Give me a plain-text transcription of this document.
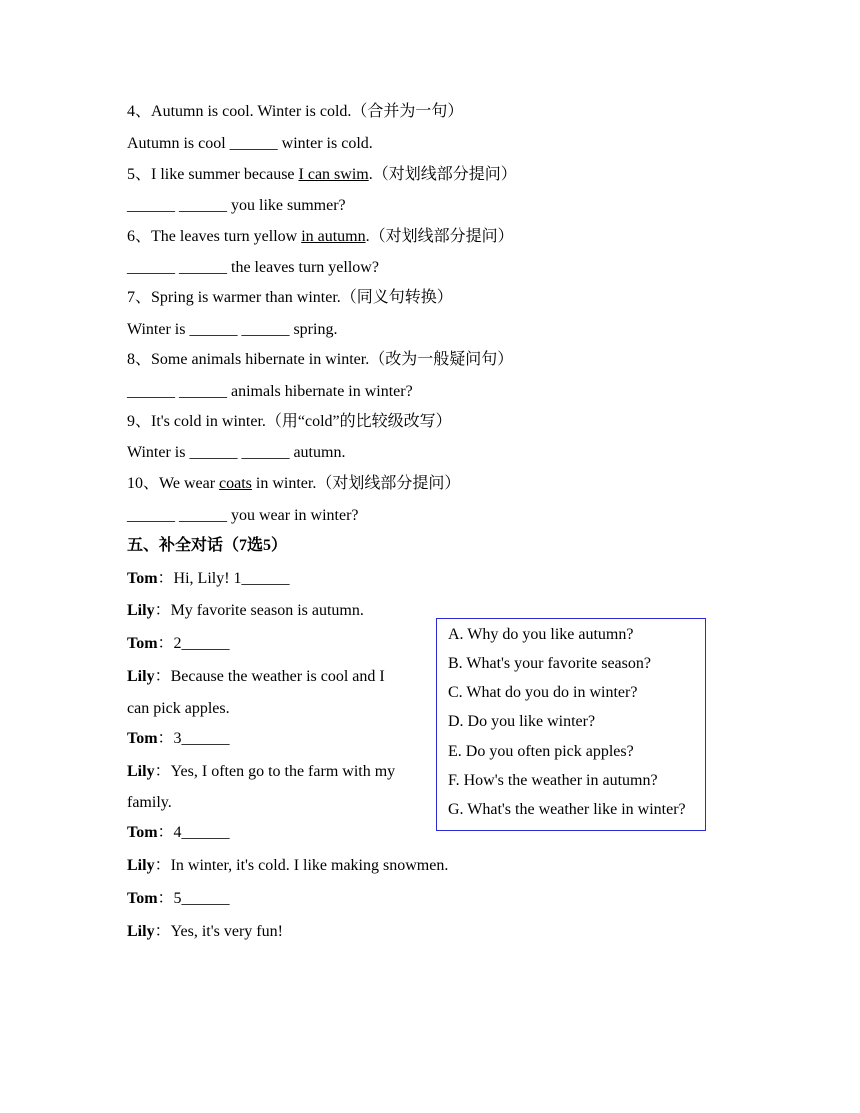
4、Autumn is cool. Winter is cold.（合并为一句）
Autumn is cool ______ winter is cold.
5、I like summer because I can swim.（对划线部分提问）
______ ______ you like summer?
6、The leaves turn yellow in autumn.（对划线部分提问）
______ ______ the leaves turn yellow?
7、Spring is warmer than winter.（同义句转换）
Winter is ______ ______ spring.
8、Some animals hibernate in winter.（改为一般疑问句）
______ ______ animals hibernate in winter?
9、It's cold in winter.（用“cold”的比较级改写）
Winter is ______ ______ autumn.
10、We wear coats in winter.（对划线部分提问）
______ ______ you wear in winter?
五、补全对话（7选5）
Tom：Hi, Lily! 1______
Lily：My favorite season is autumn.
Tom：2______
Lily：Because the weather is cool and I
can pick apples.
Tom：3______
Lily：Yes, I often go to the farm with my
family.
Tom：4______
Lily：In winter, it's cold. I like making snowmen.
Tom：5______
Lily：Yes, it's very fun!
A. Why do you like autumn?
B. What's your favorite season?
C. What do you do in winter?
D. Do you like winter?
E. Do you often pick apples?
F. How's the weather in autumn?
G. What's the weather like in winter?
